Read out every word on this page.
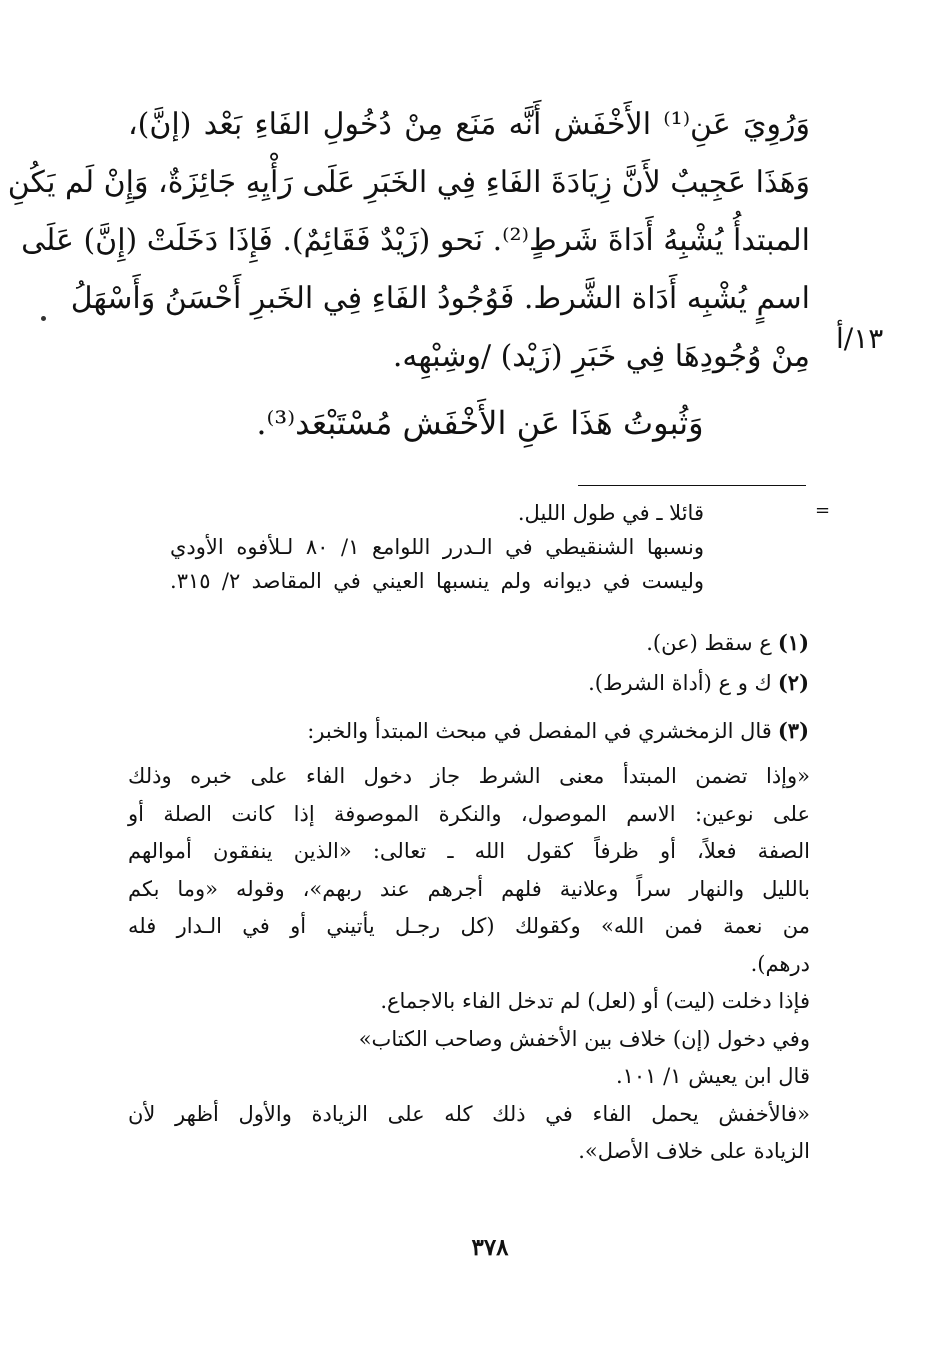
وَرُوِيَ عَنِ⁽¹⁾ الأَخْفَش أَنَّه مَنَع مِنْ دُخُولِ الفَاءِ بَعْد (إنَّ)،
وَهَذَا عَجِيبٌ لأَنَّ زِيَادَةَ الفَاءِ فِي الخَبَرِ عَلَى رَأْيِهِ جَائِزَةٌ، وَإِنْ لَم يَكُنِ
المبتدأُ يُشْبِهُ أَدَاةَ شَرطٍ⁽²⁾. نَحو (زَيْدٌ فَقَائِمٌ). فَإِذَا دَخَلَتْ (إِنَّ) عَلَى
اسمٍ يُشْبِه أَدَاة الشَّرط. فَوُجُودُ الفَاءِ فِي الخَبرِ أَحْسَنُ وَأَسْهَلُ
مِنْ وُجُودِهَا فِي خَبَرِ (زَيْد) /وشِبْهِه.
١٣/أ
وَثُبوتُ هَذَا عَنِ الأَخْفَش مُسْتَبْعَد⁽³⁾.
=
قائلا ـ في طول الليل.
ونسبها الشنقيطي في الـدرر اللوامع ١/ ٨٠ لـلأفوه الأودي
وليست في ديوانه ولم ينسبها العيني في المقاصد ٢/ ٣١٥.
(١)ع سقط (عن).
(٢)ك و ع (أداة الشرط).
(٣)قال الزمخشري في المفصل في مبحث المبتدأ والخبر:
«وإذا تضمن المبتدأ معنى الشرط جاز دخول الفاء على خبره وذلك
على نوعين: الاسم الموصول، والنكرة الموصوفة إذا كانت الصلة أو
الصفة فعلاً، أو ظرفاً كقول الله ـ تعالى: «الذين ينفقون أموالهم
بالليل والنهار سراً وعلانية فلهم أجرهم عند ربهم»، وقوله «وما بكم
من نعمة فمن الله» وكقولك (كل رجـل يأتيني أو في الـدار فله
درهم).
فإذا دخلت (ليت) أو (لعل) لم تدخل الفاء بالاجماع.
وفي دخول (إن) خلاف بين الأخفش وصاحب الكتاب»
قال ابن يعيش ١/ ١٠١.
«فالأخفش يحمل الفاء في ذلك كله على الزيادة والأول أظهر لأن
الزيادة على خلاف الأصل».
٣٧٨
